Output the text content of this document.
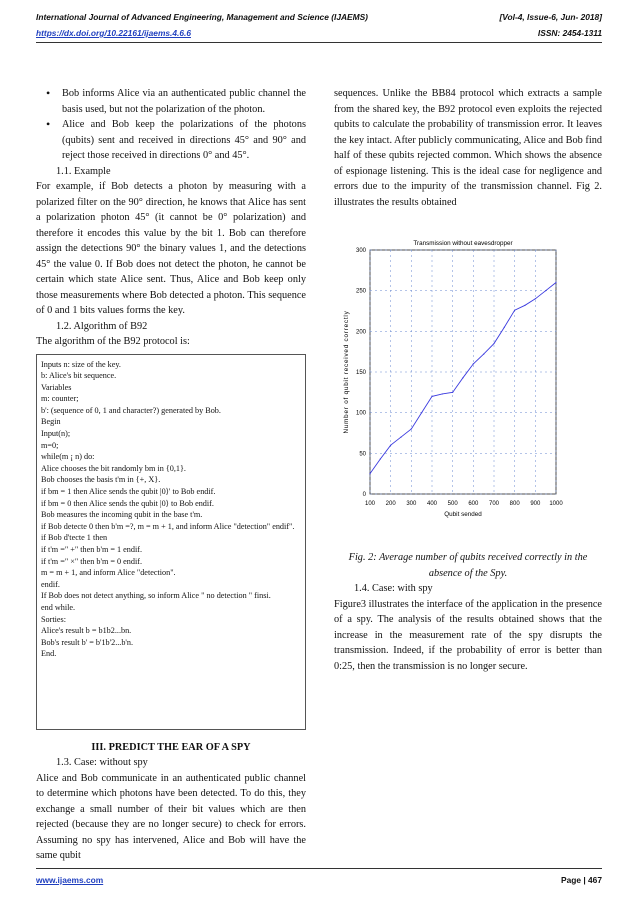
International Journal of Advanced Engineering, Management and Science (IJAEMS)	[Vol-4, Issue-6, Jun- 2018]
https://dx.doi.org/10.22161/ijaems.4.6.6	ISSN: 2454-1311
• Bob informs Alice via an authenticated public channel the basis used, but not the polarization of the photon.
• Alice and Bob keep the polarizations of the photons (qubits) sent and received in directions 45° and 90° and reject those received in directions 0° and 45°.

1.1. Example

For example, if Bob detects a photon by measuring with a polarized filter on the 90° direction, he knows that Alice has sent a polarization photon 45° (it cannot be 0° polarization) and therefore it encodes this value by the bit 1. Bob can therefore assign the detections 90° the binary values 1, and the detections 45° the value 0. If Bob does not detect the photon, he cannot be certain which state Alice sent. Thus, Alice and Bob keep only those measurements where Bob detected a photon. This sequence of 0 and 1 bits values forms the key.

1.2. Algorithm of B92

The algorithm of the B92 protocol is:

Inputs n: size of the key.
b: Alice's bit sequence.
Variables
m: counter;
b': (sequence of 0, 1 and character?) generated by Bob.
Begin
Input(n);
m=0;
while(m ¡ n) do:
Alice chooses the bit randomly bm in {0,1}.
Bob chooses the basis t'm in {+, X}.
if bm = 1 then Alice sends the qubit |0⟩' to Bob endif.
if bm = 0 then Alice sends the qubit |0⟩ to Bob endif.
Bob measures the incoming qubit in the base t'm.
if Bob detecte 0 then b'm =?, m = m + 1, and inform Alice "detection" endif".
if Bob d'tecte 1 then
if t'm =" +" then b'm = 1 endif.
if t'm =" ×" then b'm = 0 endif.
m = m + 1, and inform Alice "detection".
endif.
If Bob does not detect anything, so inform Alice " no detection " finsi.
end while.
Sorties:
Alice's result b = b1b2...bn.
Bob's result b' = b'1b'2...b'n.
End.

III. PREDICT THE EAR OF A SPY

1.3. Case: without spy

Alice and Bob communicate in an authenticated public channel to determine which photons have been detected. To do this, they exchange a small number of their bit values which are then rejected (because they are no longer secure) to check for errors. Assuming no spy has intervened, Alice and Bob will have the same qubit

sequences. Unlike the BB84 protocol which extracts a sample from the shared key, the B92 protocol even exploits the rejected qubits to calculate the probability of transmission error. It leaves the key intact. After publicly communicating, Alice and Bob find half of these qubits rejected common. Which shows the absence of espionage listening. This is the ideal case for negligence and errors due to the impurity of the transmission channel. Fig 2. illustrates the results obtained

100 200 300 400 500 600 700 800 900 1000
0
50
100
150
200
250
300
Transmission without eavesdropper
Qubit sended
Number of qubit received correctly

Fig. 2: Average number of qubits received correctly in the absence of the Spy.

1.4. Case: with spy

Figure3 illustrates the interface of the application in the presence of a spy. The analysis of the results obtained shows that the increase in the measurement rate of the spy disrupts the transmission. Indeed, if the probability of error is better than 0:25, then the transmission is no longer secure.

www.ijaems.com	Page | 467
